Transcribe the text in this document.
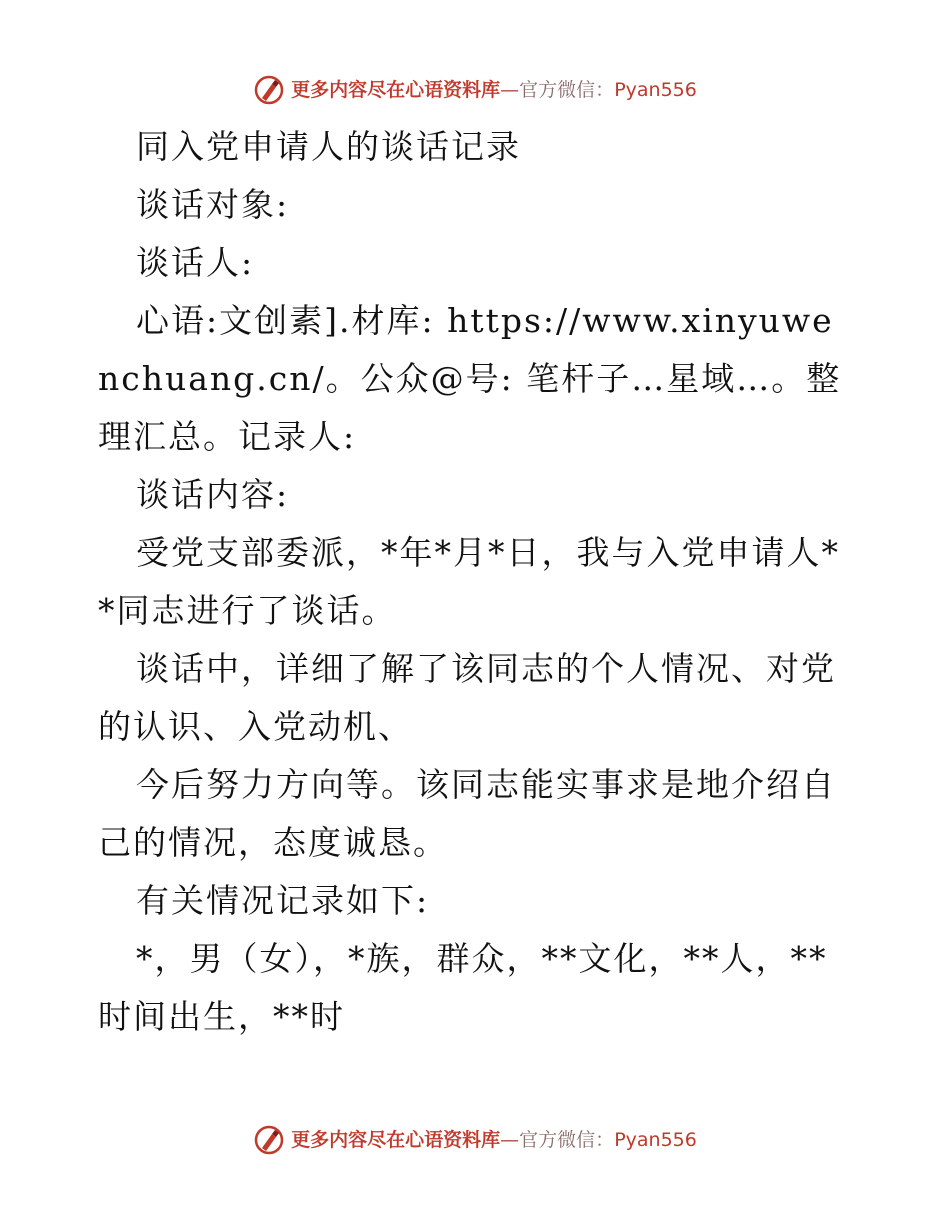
更多内容尽在心语资料库—官方微信：Pyan556

同入党申请人的谈话记录

谈话对象:

谈话人:

心语:文创素].材库: https://www.xinyuwenchuang.cn/。公众@号: 笔杆子…星域…。整理汇总。记录人:

谈话内容:

受党支部委派，*年*月*日，我与入党申请人**同志进行了谈话。

谈话中，详细了解了该同志的个人情况、对党的认识、入党动机、

今后努力方向等。该同志能实事求是地介绍自己的情况，态度诚恳。

有关情况记录如下:

*，男（女），*族，群众，**文化，**人，**时间出生，**时

更多内容尽在心语资料库—官方微信：Pyan556
